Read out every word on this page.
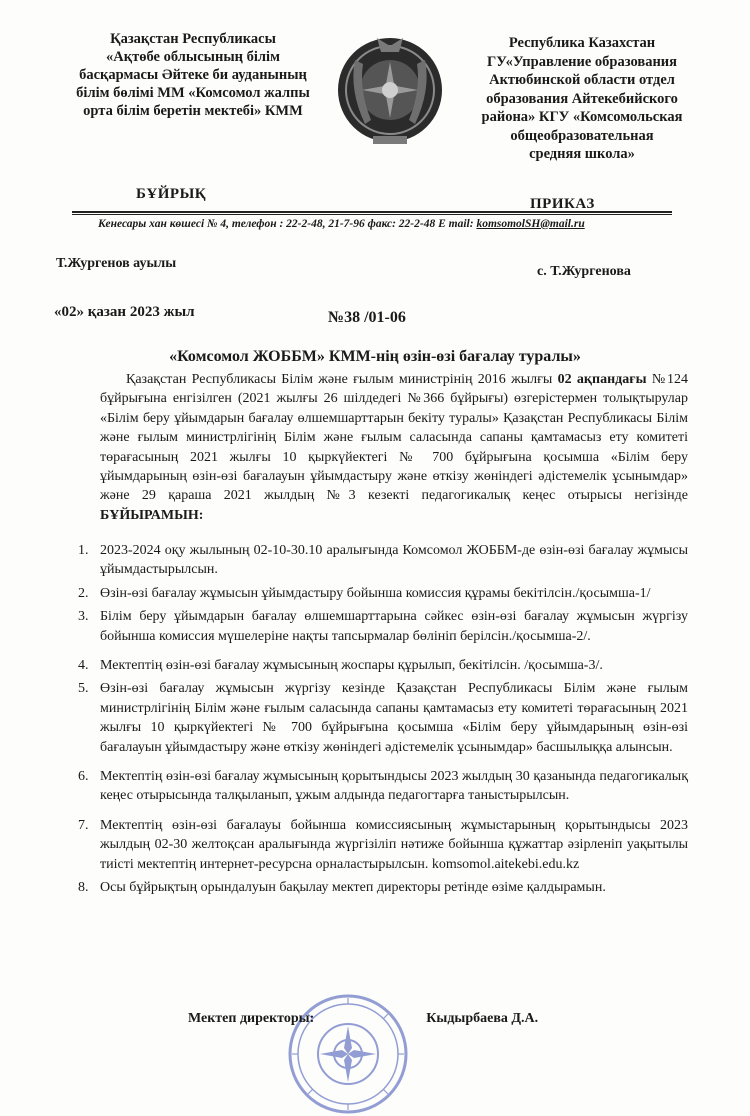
Қазақстан Республикасы
«Ақтөбе облысының білім
басқармасы Әйтеке би ауданының
білім бөлімі ММ «Комсомол жалпы
орта білім беретін мектебі» КММ
Республика Казахстан
ГУ«Управление образования
Актюбинской области отдел
образования Айтекебийского
района» КГУ «Комсомольская
общеобразовательная
средняя школа»
БҰЙРЫҚ
ПРИКАЗ
Кенесары хан көшесі № 4, телефон : 22-2-48, 21-7-96 факс: 22-2-48 E mail: komsomolSH@mail.ru
Т.Жургенов ауылы
с. Т.Жургенова
«02» қазан 2023 жыл	№38 /01-06
«Комсомол ЖОББМ» КММ-нің өзін-өзі бағалау туралы»
Қазақстан Республикасы Білім және ғылым министрінің 2016 жылғы 02 ақпандағы №124 бұйрығына енгізілген (2021 жылғы 26 шілдедегі №366 бұйрығы) өзгерістермен толықтырулар «Білім беру ұйымдарын бағалау өлшемшарттарын бекіту туралы» Қазақстан Республикасы Білім және ғылым министрлігінің Білім және ғылым саласында сапаны қамтамасыз ету комитеті төрағасының 2021 жылғы 10 қыркүйектегі № 700 бұйрығына қосымша «Білім беру ұйымдарының өзін-өзі бағалауын ұйымдастыру және өткізу жөніндегі әдістемелік ұсынымдар» және 29 қараша 2021 жылдың №3 кезекті педагогикалық кеңес отырысы негізінде БҰЙЫРАМЫН:
1. 2023-2024 оқу жылының 02-10-30.10 аралығында Комсомол ЖОББМ-де өзін-өзі бағалау жұмысы ұйымдастырылсын.
2. Өзін-өзі бағалау жұмысын ұйымдастыру бойынша комиссия құрамы бекітілсін./қосымша-1/
3. Білім беру ұйымдарын бағалау өлшемшарттарына сәйкес өзін-өзі бағалау жұмысын жүргізу бойынша комиссия мүшелеріне нақты тапсырмалар бөлініп берілсін./қосымша-2/.
4. Мектептің өзін-өзі бағалау жұмысының жоспары құрылып, бекітілсін. /қосымша-3/.
5. Өзін-өзі бағалау жұмысын жүргізу кезінде Қазақстан Республикасы Білім және ғылым министрлігінің Білім және ғылым саласында сапаны қамтамасыз ету комитеті төрағасының 2021 жылғы 10 қыркүйектегі № 700 бұйрығына қосымша «Білім беру ұйымдарының өзін-өзі бағалауын ұйымдастыру және өткізу жөніндегі әдістемелік ұсынымдар» басшылыққа алынсын.
6. Мектептің өзін-өзі бағалау жұмысының қорытындысы 2023 жылдың 30 қазанында педагогикалық кеңес отырысында талқыланып, ұжым алдында педагогтарға таныстырылсын.
7. Мектептің өзін-өзі бағалауы бойынша комиссиясының жұмыстарының қорытындысы 2023 жылдың 02-30 желтоқсан аралығында жүргізіліп нәтиже бойынша құжаттар әзірленіп уақытылы тиісті мектептің интернет-ресурсна орналастырылсын. komsomol.aitekebi.edu.kz
8. Осы бұйрықтың орындалуын бақылау мектеп директоры ретінде өзіме қалдырамын.
Мектеп директоры:	Кыдырбаева Д.А.
